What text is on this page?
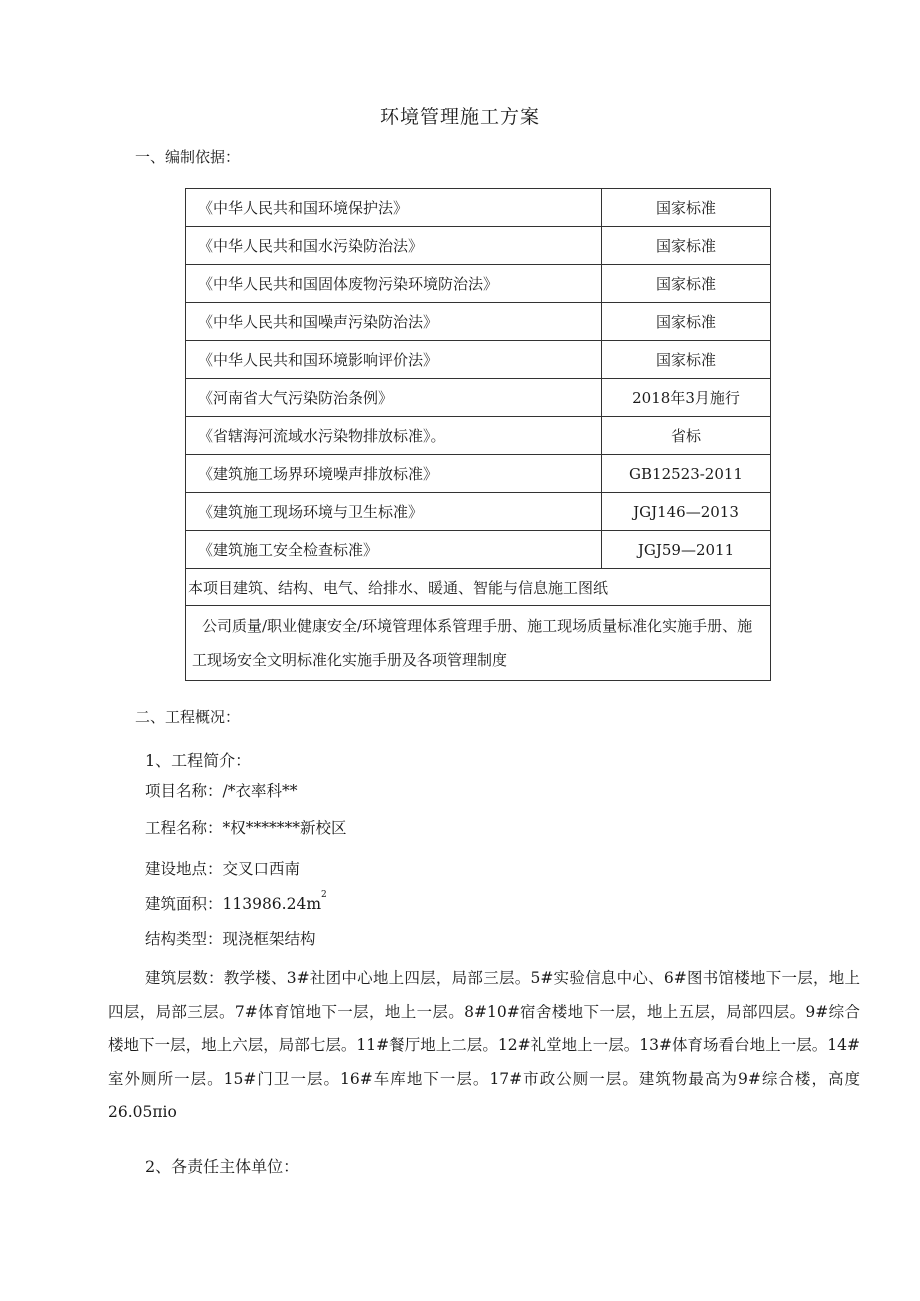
环境管理施工方案
一、编制依据：
《中华人民共和国环境保护法》	国家标准
《中华人民共和国水污染防治法》	国家标准
《中华人民共和国固体废物污染环境防治法》	国家标准
《中华人民共和国噪声污染防治法》	国家标准
《中华人民共和国环境影响评价法》	国家标准
《河南省大气污染防治条例》	2018年3月施行
《省辖海河流域水污染物排放标准》。	省标
《建筑施工场界环境噪声排放标准》	GB12523-2011
《建筑施工现场环境与卫生标准》	JGJ146—2013
《建筑施工安全检查标准》	JGJ59—2011
本项目建筑、结构、电气、给排水、暖通、智能与信息施工图纸	
公司质量/职业健康安全/环境管理体系管理手册、施工现场质量标准化实施手册、施工现场安全文明标准化实施手册及各项管理制度	
二、工程概况：
1、工程简介：
项目名称：/*衣率科**
工程名称：*权*******新校区
建设地点：交叉口西南
建筑面积：$113986.24m^2$
结构类型：现浇框架结构
建筑层数：教学楼、3#社团中心地上四层，局部三层。5#实验信息中心、6#图书馆楼地下一层，地上四层，局部三层。7#体育馆地下一层，地上一层。8#10#宿舍楼地下一层，地上五层，局部四层。9#综合楼地下一层，地上六层，局部七层。11#餐厅地上二层。12#礼堂地上一层。13#体育场看台地上一层。14#室外厕所一层。15#门卫一层。16#车库地下一层。17#市政公厕一层。建筑物最高为9#综合楼，高度26.05πio
2、各责任主体单位：
